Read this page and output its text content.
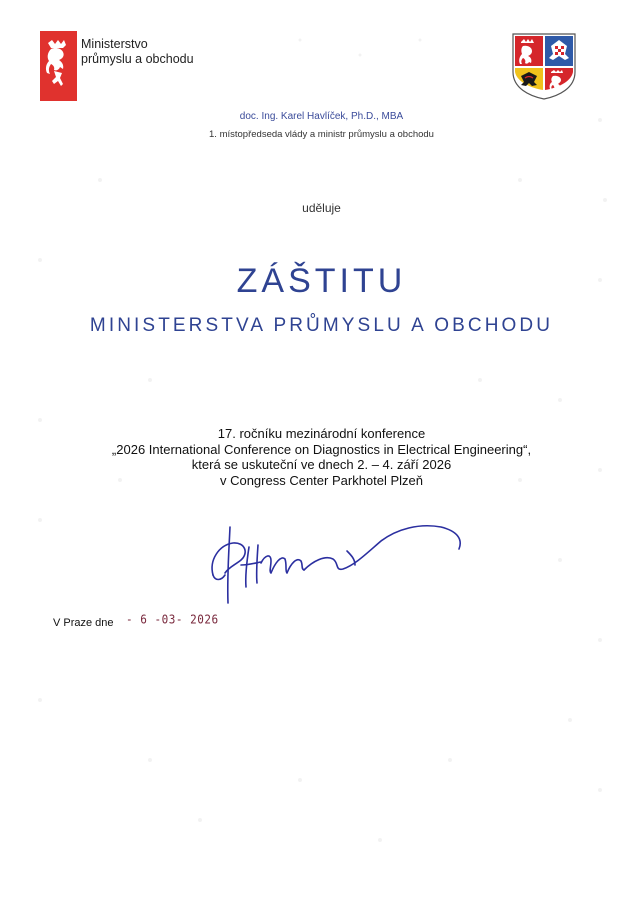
Ministerstvo
průmyslu a obchodu
doc. Ing. Karel Havlíček, Ph.D., MBA
1. místopředseda vlády a ministr průmyslu a obchodu
uděluje
ZÁŠTITU
MINISTERSTVA PRŮMYSLU A OBCHODU
17. ročníku mezinárodní konference
„2026 International Conference on Diagnostics in Electrical Engineering“,
která se uskuteční ve dnech 2. – 4. září 2026
v Congress Center Parkhotel Plzeň
V Praze dne - 6 -03- 2026
